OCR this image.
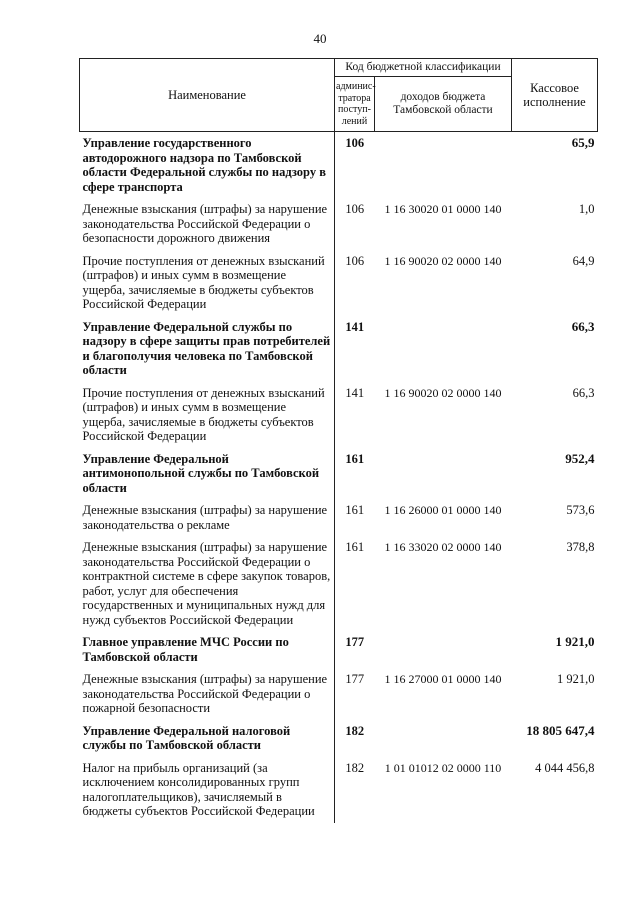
40
Наименование	Код бюджетной классификации		Кассовое исполнение
	админис-тратора поступ-лений	доходов бюджета Тамбовской области	
Управление государственного автодорожного надзора по Тамбовской области Федеральной службы по надзору в сфере транспорта	106		65,9
Денежные взыскания (штрафы) за нарушение законодательства Российской Федерации о безопасности дорожного движения	106	1 16 30020 01 0000 140	1,0
Прочие поступления от денежных взысканий (штрафов) и иных сумм в возмещение ущерба, зачисляемые в бюджеты субъектов Российской Федерации	106	1 16 90020 02 0000 140	64,9
Управление Федеральной службы по надзору в сфере защиты прав потребителей и благополучия человека по Тамбовской области	141		66,3
Прочие поступления от денежных взысканий (штрафов) и иных сумм в возмещение ущерба, зачисляемые в бюджеты субъектов Российской Федерации	141	1 16 90020 02 0000 140	66,3
Управление Федеральной антимонопольной службы по Тамбовской области	161		952,4
Денежные взыскания (штрафы) за нарушение законодательства о рекламе	161	1 16 26000 01 0000 140	573,6
Денежные взыскания (штрафы) за нарушение законодательства Российской Федерации о контрактной системе в сфере закупок товаров, работ, услуг для обеспечения государственных и муниципальных нужд для нужд субъектов Российской Федерации	161	1 16 33020 02 0000 140	378,8
Главное управление МЧС России по Тамбовской области	177		1 921,0
Денежные взыскания (штрафы) за нарушение законодательства Российской Федерации о пожарной безопасности	177	1 16 27000 01 0000 140	1 921,0
Управление Федеральной налоговой службы по Тамбовской области	182		18 805 647,4
Налог на прибыль организаций (за исключением консолидированных групп налогоплательщиков), зачисляемый в бюджеты субъектов Российской Федерации	182	1 01 01012 02 0000 110	4 044 456,8
